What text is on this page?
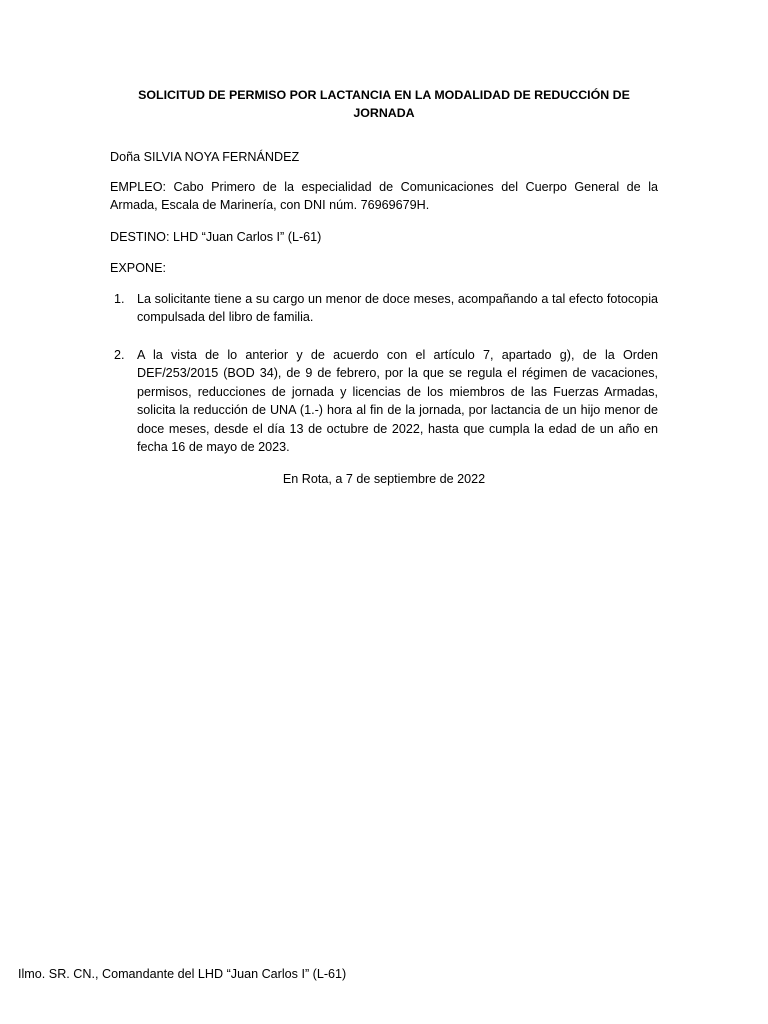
SOLICITUD DE PERMISO POR LACTANCIA EN LA MODALIDAD DE REDUCCIÓN DE JORNADA
Doña SILVIA NOYA FERNÁNDEZ
EMPLEO: Cabo Primero de la especialidad de Comunicaciones del Cuerpo General de la Armada, Escala de Marinería, con DNI núm. 76969679H.
DESTINO: LHD “Juan Carlos I” (L-61)
EXPONE:
1. La solicitante tiene a su cargo un menor de doce meses, acompañando a tal efecto fotocopia compulsada del libro de familia.
2. A la vista de lo anterior y de acuerdo con el artículo 7, apartado g), de la Orden DEF/253/2015 (BOD 34), de 9 de febrero, por la que se regula el régimen de vacaciones, permisos, reducciones de jornada y licencias de los miembros de las Fuerzas Armadas, solicita la reducción de UNA (1.-) hora al fin de la jornada, por lactancia de un hijo menor de doce meses, desde el día 13 de octubre de 2022, hasta que cumpla la edad de un año en fecha 16 de mayo de 2023.
En Rota, a 7 de septiembre de 2022
Ilmo. SR. CN., Comandante del LHD “Juan Carlos I” (L-61)
